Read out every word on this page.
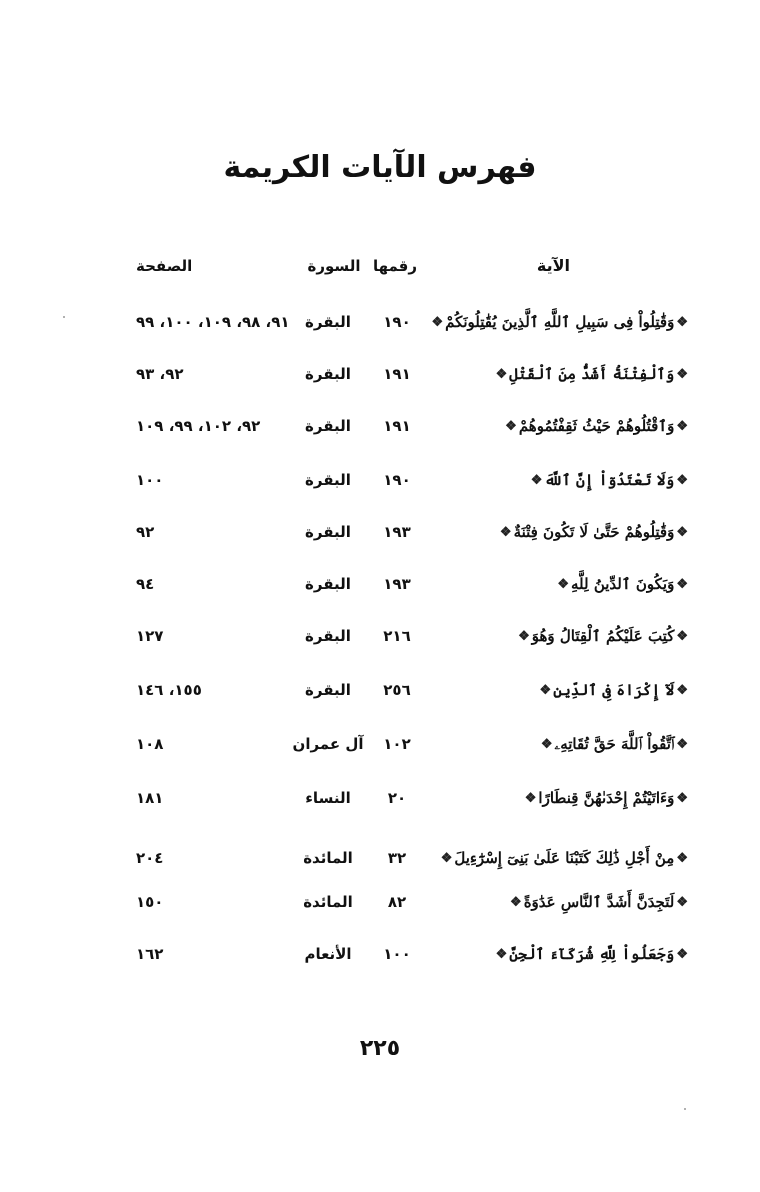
فهرس الآيات الكريمة
الآية
رقمها
السورة
الصفحة
❖وَقَٰتِلُواْ فِى سَبِيلِ ٱللَّهِ ٱلَّذِينَ يُقَٰتِلُونَكُمْ❖
١٩٠
البقرة
٩١، ٩٨، ١٠٩، ١٠٠، ٩٩
❖وَٱلْفِتْنَةُ أَشَدُّ مِنَ ٱلْقَتْلِ❖
١٩١
البقرة
٩٢، ٩٣
❖وَٱقْتُلُوهُمْ حَيْثُ ثَقِفْتُمُوهُمْ❖
١٩١
البقرة
٩٢، ١٠٢، ٩٩، ١٠٩
❖وَلَا تَعْتَدُوٓاْ إِنَّ ٱللَّهَ❖
١٩٠
البقرة
١٠٠
❖وَقَٰتِلُوهُمْ حَتَّىٰ لَا تَكُونَ فِتْنَةٌ❖
١٩٣
البقرة
٩٢
❖وَيَكُونَ ٱلدِّينُ لِلَّهِ❖
١٩٣
البقرة
٩٤
❖كُتِبَ عَلَيْكُمُ ٱلْقِتَالُ وَهُوَ❖
٢١٦
البقرة
١٢٧
❖لَآ إِكْرَاهَ فِى ٱلدِّينِ❖
٢٥٦
البقرة
١٥٥، ١٤٦
❖ٱتَّقُواْ ٱللَّهَ حَقَّ تُقَاتِهِۦ❖
١٠٢
آل عمران
١٠٨
❖وَءَاتَيْتُمْ إِحْدَىٰهُنَّ قِنطَارًا❖
٢٠
النساء
١٨١
❖مِنْ أَجْلِ ذَٰلِكَ كَتَبْنَا عَلَىٰ بَنِىٓ إِسْرَٰٓءِيلَ❖
٣٢
المائدة
٢٠٤
❖لَتَجِدَنَّ أَشَدَّ ٱلنَّاسِ عَدَٰوَةً❖
٨٢
المائدة
١٥٠
❖وَجَعَلُواْ لِلَّهِ شُرَكَآءَ ٱلْجِنَّ❖
١٠٠
الأنعام
١٦٢
٢٢٥
